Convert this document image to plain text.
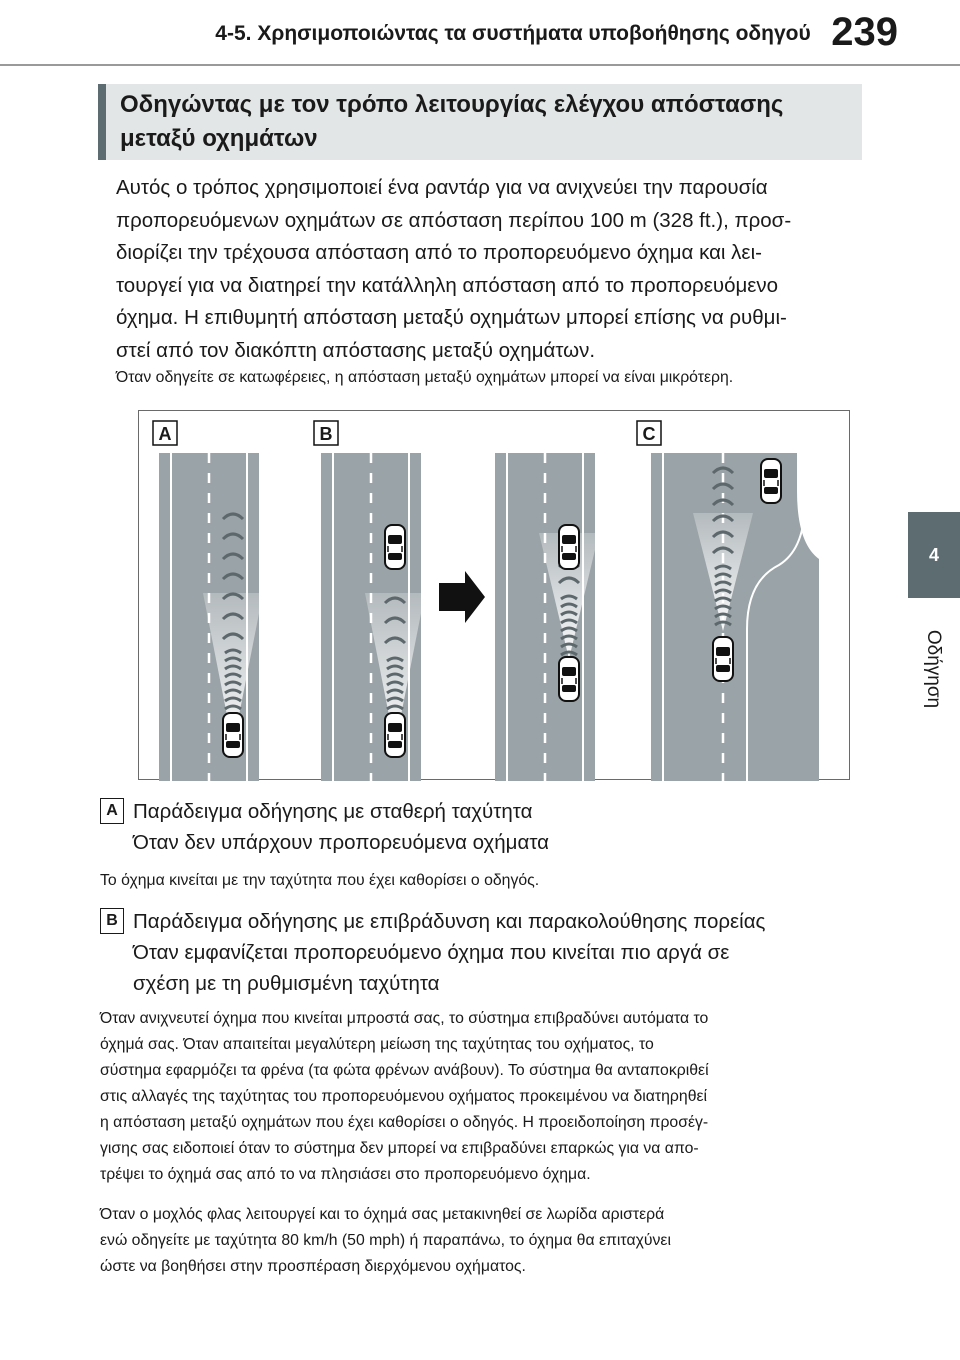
4-5. Χρησιμοποιώντας τα συστήματα υποβοήθησης οδηγού 239
4
Οδήγηση
Οδηγώντας με τον τρόπο λειτουργίας ελέγχου απόστασης
μεταξύ οχημάτων
Αυτός ο τρόπος χρησιμοποιεί ένα ραντάρ για να ανιχνεύει την παρουσία
προπορευόμενων οχημάτων σε απόσταση περίπου 100 m (328 ft.), προσ-
διορίζει την τρέχουσα απόσταση από το προπορευόμενο όχημα και λει-
τουργεί για να διατηρεί την κατάλληλη απόσταση από το προπορευόμενο
όχημα. Η επιθυμητή απόσταση μεταξύ οχημάτων μπορεί επίσης να ρυθμι-
στεί από τον διακόπτη απόστασης μεταξύ οχημάτων.

Όταν οδηγείτε σε κατωφέρειες, η απόσταση μεταξύ οχημάτων μπορεί να είναι μικρότερη.

A	B	C
A Παράδειγμα οδήγησης με σταθερή ταχύτητα
Όταν δεν υπάρχουν προπορευόμενα οχήματα

Το όχημα κινείται με την ταχύτητα που έχει καθορίσει ο οδηγός.

B Παράδειγμα οδήγησης με επιβράδυνση και παρακολούθησης πορείας
Όταν εμφανίζεται προπορευόμενο όχημα που κινείται πιο αργά σε
σχέση με τη ρυθμισμένη ταχύτητα
Όταν ανιχνευτεί όχημα που κινείται μπροστά σας, το σύστημα επιβραδύνει αυτόματα το
όχημά σας. Όταν απαιτείται μεγαλύτερη μείωση της ταχύτητας του οχήματος, το
σύστημα εφαρμόζει τα φρένα (τα φώτα φρένων ανάβουν). Το σύστημα θα ανταποκριθεί
στις αλλαγές της ταχύτητας του προπορευόμενου οχήματος προκειμένου να διατηρηθεί
η απόσταση μεταξύ οχημάτων που έχει καθορίσει ο οδηγός. Η προειδοποίηση προσέγ-
γισης σας ειδοποιεί όταν το σύστημα δεν μπορεί να επιβραδύνει επαρκώς για να απο-
τρέψει το όχημά σας από το να πλησιάσει στο προπορευόμενο όχημα.
Όταν ο μοχλός φλας λειτουργεί και το όχημά σας μετακινηθεί σε λωρίδα αριστερά
ενώ οδηγείτε με ταχύτητα 80 km/h (50 mph) ή παραπάνω, το όχημα θα επιταχύνει
ώστε να βοηθήσει στην προσπέραση διερχόμενου οχήματος.
